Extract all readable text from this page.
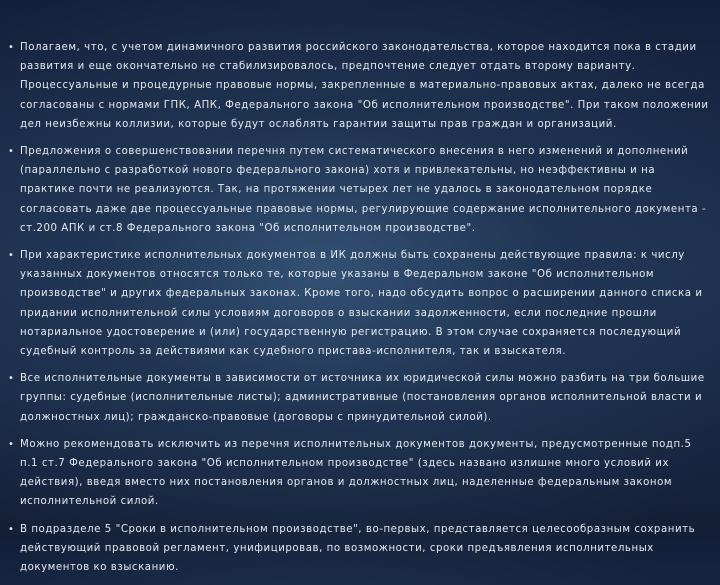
• Полагаем, что, с учетом динамичного развития российского законодательства, которое находится пока в стадии развития и еще окончательно не стабилизировалось, предпочтение следует отдать второму варианту. Процессуальные и процедурные правовые нормы, закрепленные в материально-правовых актах, далеко не всегда согласованы с нормами ГПК, АПК, Федерального закона "Об исполнительном производстве". При таком положении дел неизбежны коллизии, которые будут ослаблять гарантии защиты прав граждан и организаций.
• Предложения о совершенствовании перечня путем систематического внесения в него изменений и дополнений (параллельно с разработкой нового федерального закона) хотя и привлекательны, но неэффективны и на практике почти не реализуются. Так, на протяжении четырех лет не удалось в законодательном порядке согласовать даже две процессуальные правовые нормы, регулирующие содержание исполнительного документа - ст.200 АПК и ст.8 Федерального закона "Об исполнительном производстве".
• При характеристике исполнительных документов в ИК должны быть сохранены действующие правила: к числу указанных документов относятся только те, которые указаны в Федеральном законе "Об исполнительном производстве" и других федеральных законах. Кроме того, надо обсудить вопрос о расширении данного списка и придании исполнительной силы условиям договоров о взыскании задолженности, если последние прошли нотариальное удостоверение и (или) государственную регистрацию. В этом случае сохраняется последующий судебный контроль за действиями как судебного пристава-исполнителя, так и взыскателя.
• Все исполнительные документы в зависимости от источника их юридической силы можно разбить на три большие группы: судебные (исполнительные листы); административные (постановления органов исполнительной власти и должностных лиц); гражданско-правовые (договоры с принудительной силой).
• Можно рекомендовать исключить из перечня исполнительных документов документы, предусмотренные подп.5 п.1 ст.7 Федерального закона "Об исполнительном производстве" (здесь названо излишне много условий их действия), введя вместо них постановления органов и должностных лиц, наделенные федеральным законом исполнительной силой.
• В подразделе 5 "Сроки в исполнительном производстве", во-первых, представляется целесообразным сохранить действующий правовой регламент, унифицировав, по возможности, сроки предъявления исполнительных документов ко взысканию.
